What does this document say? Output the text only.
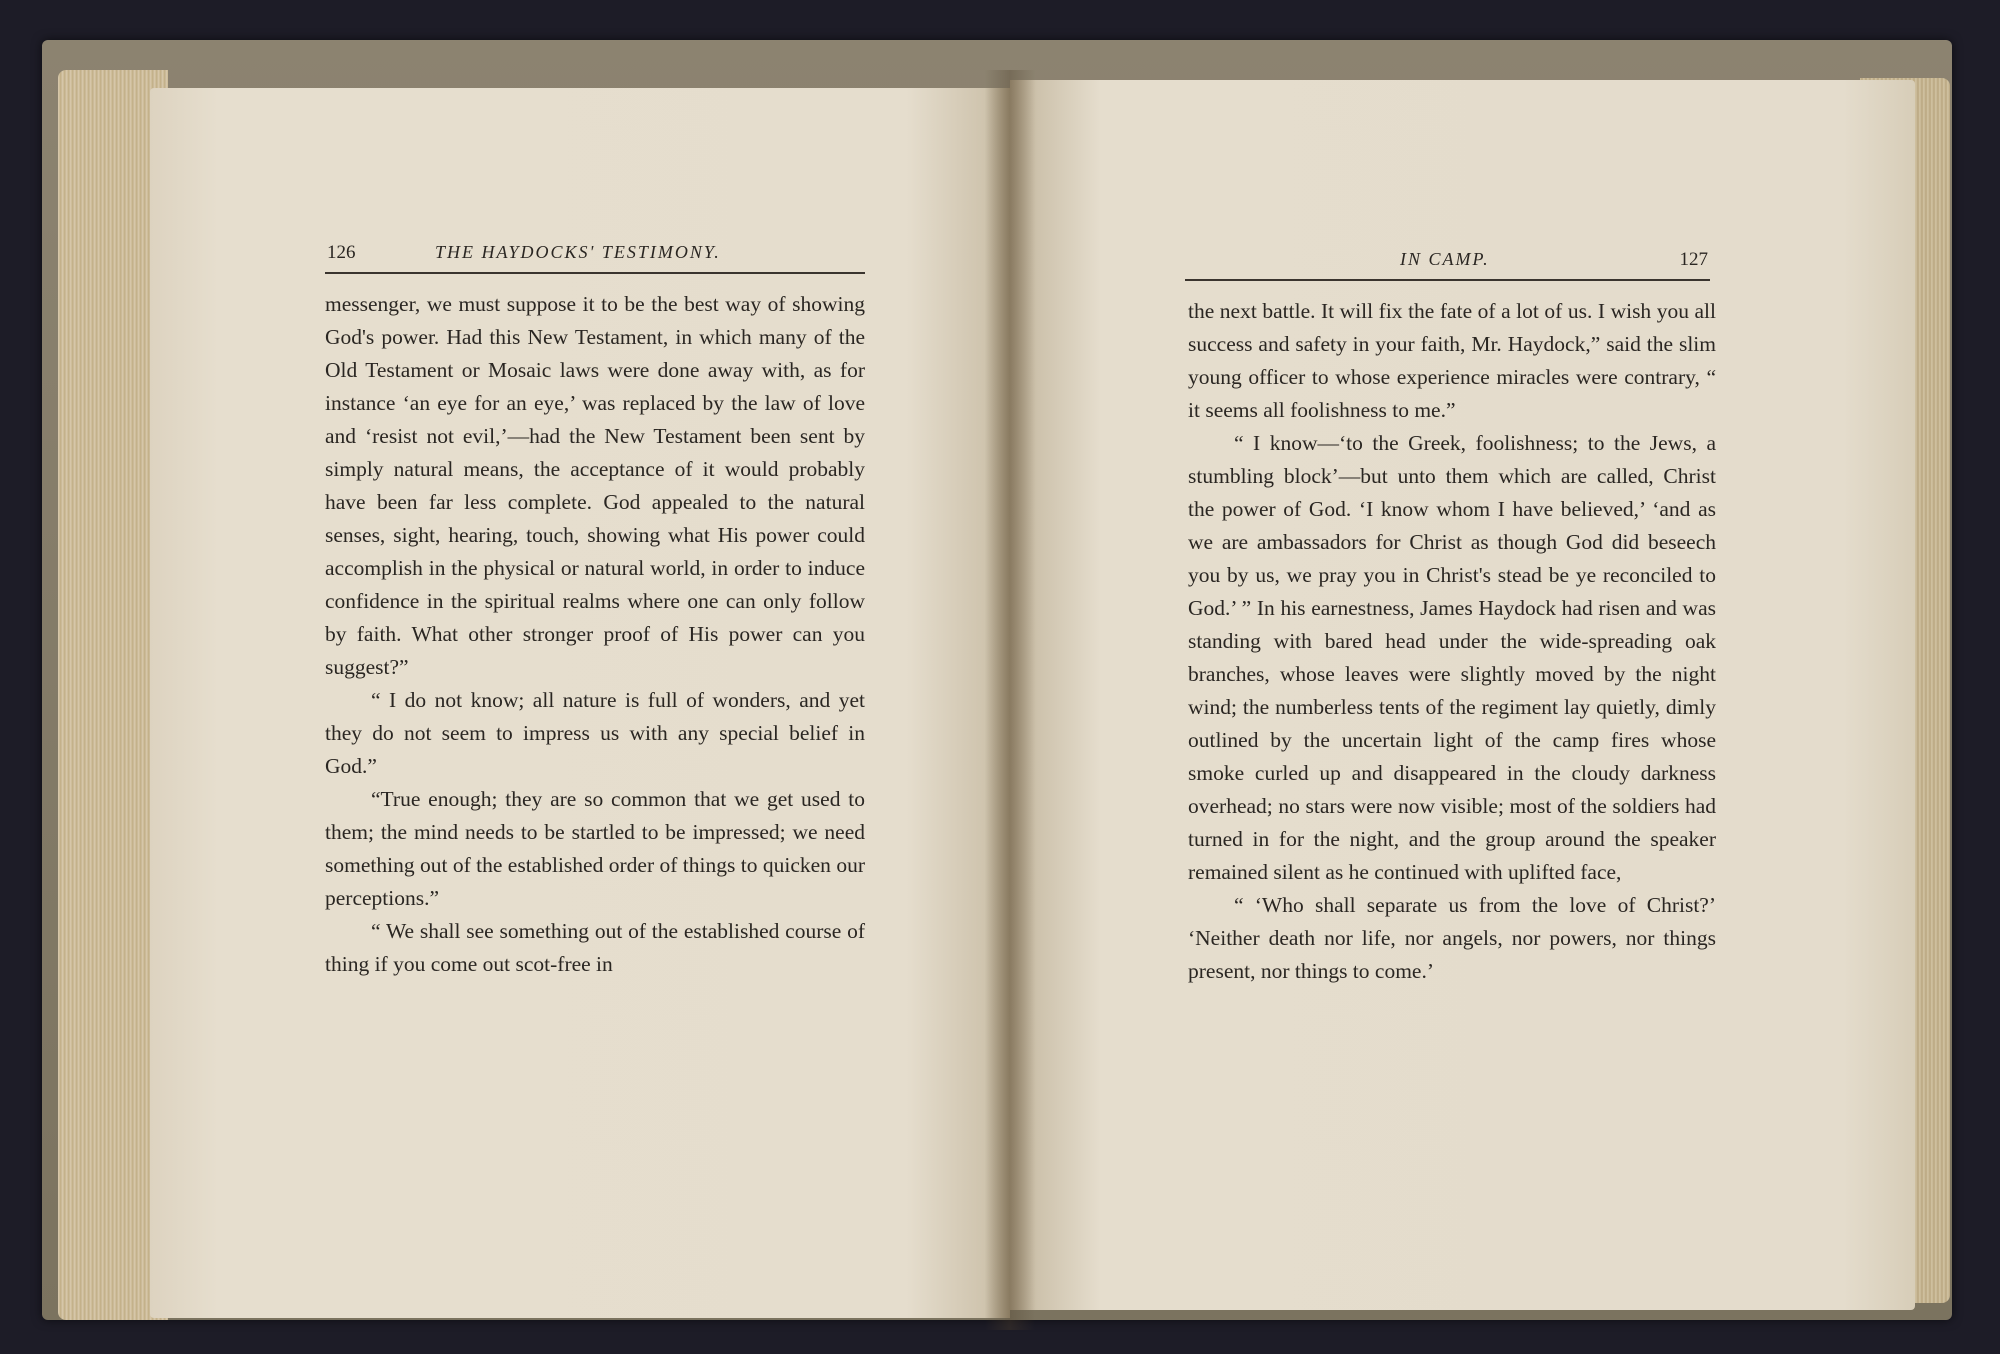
126	THE HAYDOCKS' TESTIMONY.

messenger, we must suppose it to be the best way of showing God's power. Had this New Testament, in which many of the Old Testament or Mosaic laws were done away with, as for instance ‘an eye for an eye,’ was replaced by the law of love and ‘resist not evil,’—had the New Testament been sent by simply natural means, the acceptance of it would probably have been far less complete. God appealed to the natural senses, sight, hearing, touch, showing what His power could accomplish in the physical or natural world, in order to induce confidence in the spiritual realms where one can only follow by faith. What other stronger proof of His power can you suggest?”

“ I do not know; all nature is full of wonders, and yet they do not seem to impress us with any special belief in God.”

“True enough; they are so common that we get used to them; the mind needs to be startled to be impressed; we need something out of the established order of things to quicken our perceptions.”

“ We shall see something out of the established course of thing if you come out scot-free in

IN CAMP.	127

the next battle. It will fix the fate of a lot of us. I wish you all success and safety in your faith, Mr. Haydock,” said the slim young officer to whose experience miracles were contrary, “ it seems all foolishness to me.”

“ I know—‘to the Greek, foolishness; to the Jews, a stumbling block’—but unto them which are called, Christ the power of God. ‘I know whom I have believed,’ ‘and as we are ambassadors for Christ as though God did beseech you by us, we pray you in Christ's stead be ye reconciled to God.’ ” In his earnestness, James Haydock had risen and was standing with bared head under the wide-spreading oak branches, whose leaves were slightly moved by the night wind; the numberless tents of the regiment lay quietly, dimly outlined by the uncertain light of the camp fires whose smoke curled up and disappeared in the cloudy darkness overhead; no stars were now visible; most of the soldiers had turned in for the night, and the group around the speaker remained silent as he continued with uplifted face,

“ ‘Who shall separate us from the love of Christ?’ ‘Neither death nor life, nor angels, nor powers, nor things present, nor things to come.’
